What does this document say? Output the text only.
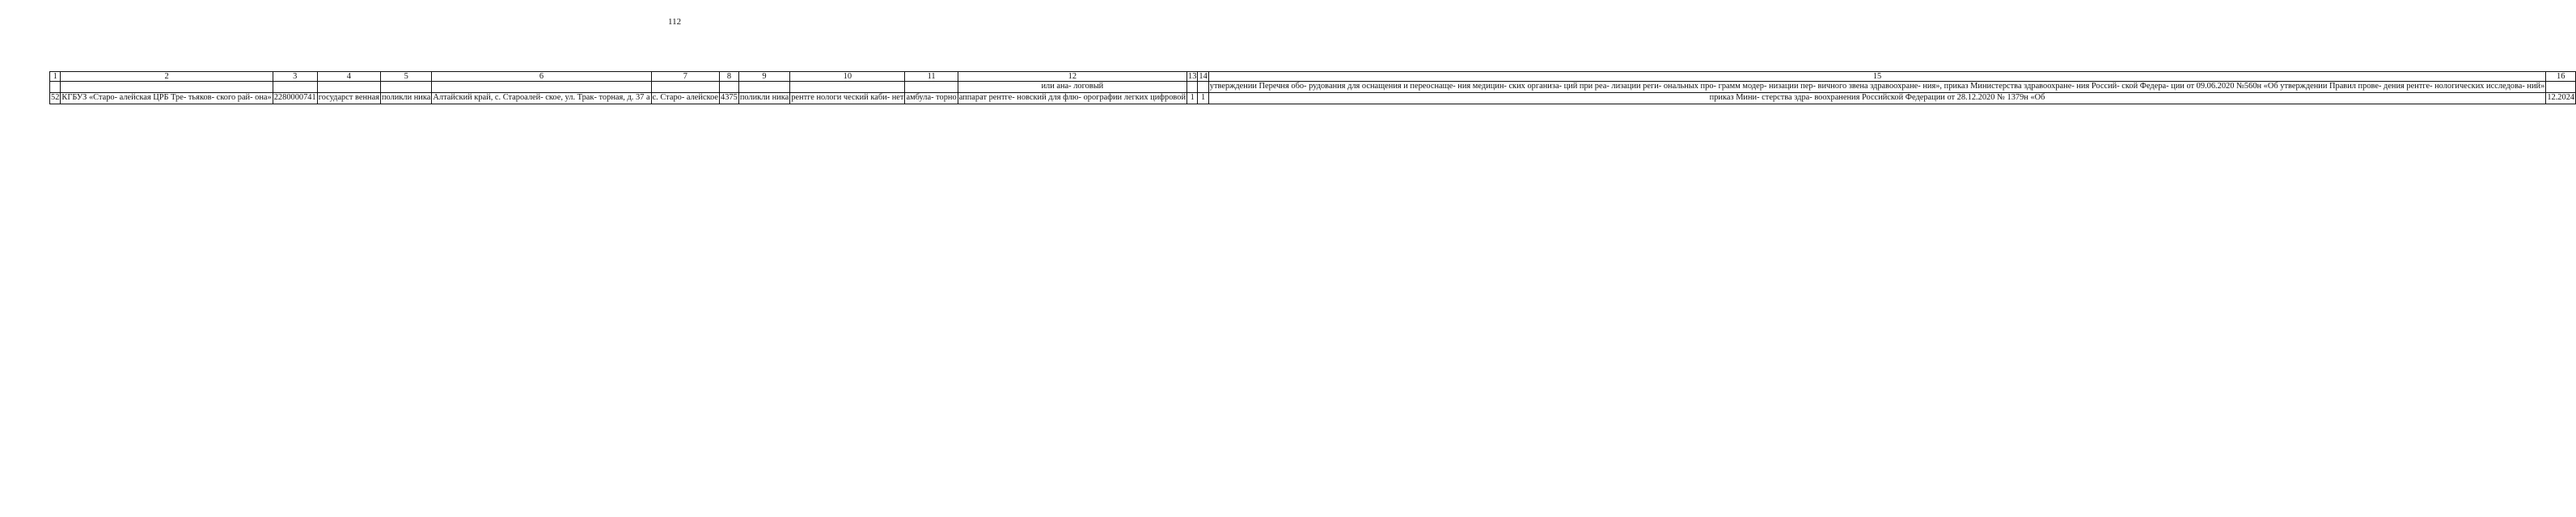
112
1	2	3	4	5	6	7	8	9	10	11	12	13	14	15	16
											или ана- логовый			утверждении Перечня обо- рудования для оснащения и переоснаще- ния медицин- ских организа- ций при реа- лизации реги- ональных про- грамм модер- низации пер- вичного звена здравоохране- ния», приказ Министерства здравоохране- ния Россий- ской Федера- ции от 09.06.2020 №560н «Об утверждении Правил прове- дения рентге- нологических исследова- ний»	
52	КГБУЗ «Старо- алейская ЦРБ Тре- тьяков- ского рай- она»	2280000741	государст венная	поликли ника	Алтайский край, с. Староалей- ское, ул. Трак- торная, д. 37 а	с. Старо- алейское	4375	поликли ника	рентге нологи ческий каби- нет	амбула- торно	аппарат рентге- новский для флю- орографии легких цифровой	1	1	приказ Мини- стерства здра- воохранения Российской Федерации от 28.12.2020 № 1379н «Об	12.2024
